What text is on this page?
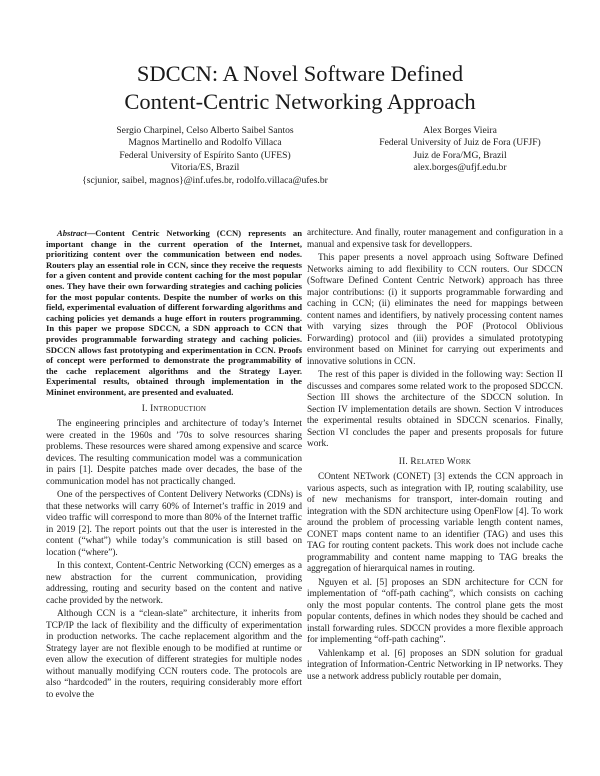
SDCCN: A Novel Software Defined
Content-Centric Networking Approach
Sergio Charpinel, Celso Alberto Saibel Santos
Magnos Martinello and Rodolfo Villaca
Federal University of Espírito Santo (UFES)
Vitoria/ES, Brazil
{scjunior, saibel, magnos}@inf.ufes.br, rodolfo.villaca@ufes.br
Alex Borges Vieira
Federal University of Juiz de Fora (UFJF)
Juiz de Fora/MG, Brazil
alex.borges@ufjf.edu.br

Abstract—Content Centric Networking (CCN) represents an important change in the current operation of the Internet, prioritizing content over the communication between end nodes. Routers play an essential role in CCN, since they receive the requests for a given content and provide content caching for the most popular ones. They have their own forwarding strategies and caching policies for the most popular contents. Despite the number of works on this field, experimental evaluation of different forwarding algorithms and caching policies yet demands a huge effort in routers programming. In this paper we propose SDCCN, a SDN approach to CCN that provides programmable forwarding strategy and caching policies. SDCCN allows fast prototyping and experimentation in CCN. Proofs of concept were performed to demonstrate the programmability of the cache replacement algorithms and the Strategy Layer. Experimental results, obtained through implementation in the Mininet environment, are presented and evaluated.

I. Introduction

The engineering principles and architecture of today’s Internet were created in the 1960s and ’70s to solve resources sharing problems. These resources were shared among expensive and scarce devices. The resulting communication model was a communication in pairs [1]. Despite patches made over decades, the base of the communication model has not practically changed.

One of the perspectives of Content Delivery Networks (CDNs) is that these networks will carry 60% of Internet’s traffic in 2019 and video traffic will correspond to more than 80% of the Internet traffic in 2019 [2]. The report points out that the user is interested in the content (“what”) while today’s communication is still based on location (“where”).

In this context, Content-Centric Networking (CCN) emerges as a new abstraction for the current communication, providing addressing, routing and security based on the content and native cache provided by the network.

Although CCN is a “clean-slate” architecture, it inherits from TCP/IP the lack of flexibility and the difficulty of experimentation in production networks. The cache replacement algorithm and the Strategy layer are not flexible enough to be modified at runtime or even allow the execution of different strategies for multiple nodes without manually modifying CCN routers code. The protocols are also “hardcoded” in the routers, requiring considerably more effort to evolve the

architecture. And finally, router management and configuration in a manual and expensive task for develloppers.

This paper presents a novel approach using Software Defined Networks aiming to add flexibility to CCN routers. Our SDCCN (Software Defined Content Centric Network) approach has three major contributions: (i) it supports programmable forwarding and caching in CCN; (ii) eliminates the need for mappings between content names and identifiers, by natively processing content names with varying sizes through the POF (Protocol Oblivious Forwarding) protocol and (iii) provides a simulated prototyping environment based on Mininet for carrying out experiments and innovative solutions in CCN.

The rest of this paper is divided in the following way: Section II discusses and compares some related work to the proposed SDCCN. Section III shows the architecture of the SDCCN solution. In Section IV implementation details are shown. Section V introduces the experimental results obtained in SDCCN scenarios. Finally, Section VI concludes the paper and presents proposals for future work.

II. Related Work

COntent NETwork (CONET) [3] extends the CCN approach in various aspects, such as integration with IP, routing scalability, use of new mechanisms for transport, inter-domain routing and integration with the SDN architecture using OpenFlow [4]. To work around the problem of processing variable length content names, CONET maps content name to an identifier (TAG) and uses this TAG for routing content packets. This work does not include cache programmability and content name mapping to TAG breaks the aggregation of hierarquical names in routing.

Nguyen et al. [5] proposes an SDN architecture for CCN for implementation of “off-path caching”, which consists on caching only the most popular contents. The control plane gets the most popular contents, defines in which nodes they should be cached and install forwarding rules. SDCCN provides a more flexible approach for implementing “off-path caching”.

Vahlenkamp et al. [6] proposes an SDN solution for gradual integration of Information-Centric Networking in IP networks. They use a network address publicly routable per domain,
